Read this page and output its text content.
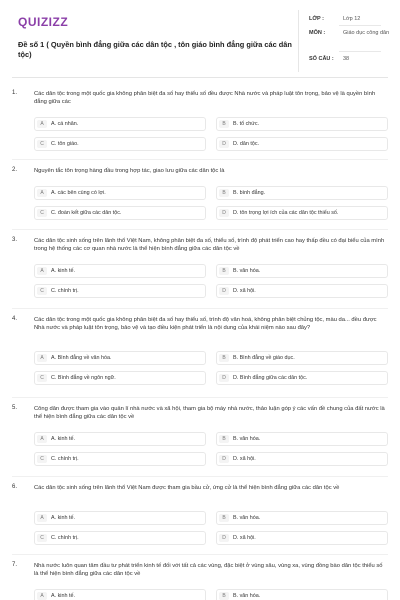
QUIZIZZ
Đề số 1 ( Quyền bình đẳng giữa các dân tộc , tôn giáo bình đẳng giữa các dân tộc)
LỚP :	Lớp 12
MÔN :	Giáo dục công dân
SỐ CÂU : 38
1.	Các dân tộc trong một quốc gia không phân biệt đa số hay thiểu số đều được Nhà nước và pháp luật tôn trọng, bảo vệ là quyền bình đẳng giữa các
A	A. cá nhân.	B	B. tổ chức.
C	C. tôn giáo.	D	D. dân tộc.
2.	Nguyên tắc tôn trọng hàng đầu trong hợp tác, giao lưu giữa các dân tộc là
A	A. các bên cùng có lợi.	B	B. bình đẳng.
C	C. đoàn kết giữa các dân tộc.	D	D. tôn trọng lợi ích của các dân tộc thiểu số.
3.	Các dân tộc sinh sống trên lãnh thổ Việt Nam, không phân biệt đa số, thiểu số, trình độ phát triển cao hay thấp đều có đại biểu của mình trong hệ thống các cơ quan nhà nước là thể hiện bình đẳng giữa các dân tộc về
A	A. kinh tế.	B	B. văn hóa.
C	C. chính trị.	D	D. xã hội.
4.	Các dân tộc trong một quốc gia không phân biệt đa số hay thiểu số, trình độ văn hoá, không phân biệt chủng tộc, màu da... đều được Nhà nước và pháp luật tôn trọng, bảo vệ và tạo điều kiện phát triển là nội dung của khái niệm nào sau đây?
A	A. Bình đẳng về văn hóa.	B	B. Bình đẳng về giáo dục.
C	C. Bình đẳng về ngôn ngữ.	D	D. Bình đẳng giữa các dân tộc.
5.	Công dân được tham gia vào quản lí nhà nước và xã hội, tham gia bộ máy nhà nước, thảo luận góp ý các vấn đề chung của đất nước là thể hiện bình đẳng giữa các dân tộc về
A	A. kinh tế.	B	B. văn hóa.
C	C. chính trị.	D	D. xã hội.
6.	Các dân tộc sinh sống trên lãnh thổ Việt Nam được tham gia bầu cử, ứng cử là thể hiện bình đẳng giữa các dân tộc về
A	A. kinh tế.	B	B. văn hóa.
C	C. chính trị.	D	D. xã hội.
7.	Nhà nước luôn quan tâm đầu tư phát triển kinh tế đối với tất cả các vùng, đặc biệt ở vùng sâu, vùng xa, vùng đồng bào dân tộc thiểu số là thể hiện bình đẳng giữa các dân tộc về
A	A. kinh tế.	B	B. văn hóa.
